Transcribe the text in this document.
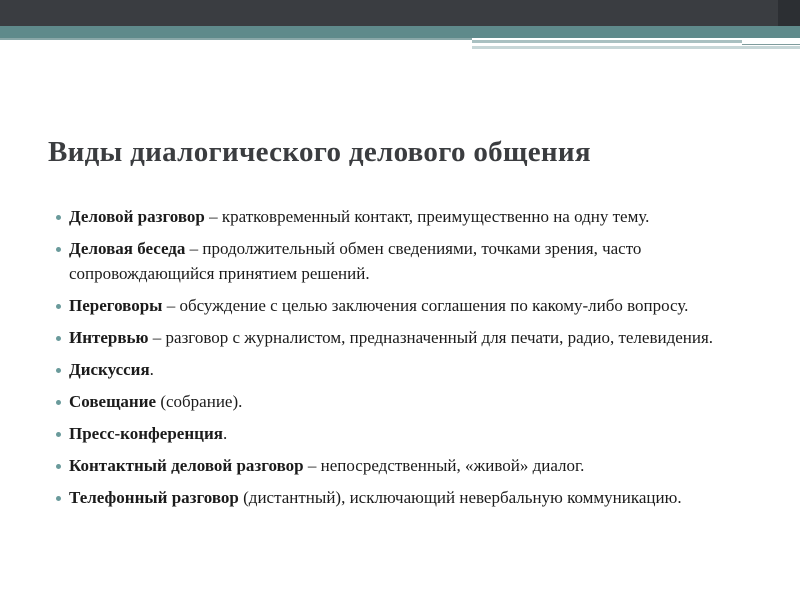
Виды диалогического делового общения
Деловой разговор – кратковременный контакт, преимущественно на одну тему.
Деловая беседа – продолжительный обмен сведениями, точками зрения, часто сопровождающийся принятием решений.
Переговоры – обсуждение с целью заключения соглашения по какому-либо вопросу.
Интервью – разговор с журналистом, предназначенный для печати, радио, телевидения.
Дискуссия.
Совещание (собрание).
Пресс-конференция.
Контактный деловой разговор – непосредственный, «живой» диалог.
Телефонный разговор (дистантный), исключающий невербальную коммуникацию.
